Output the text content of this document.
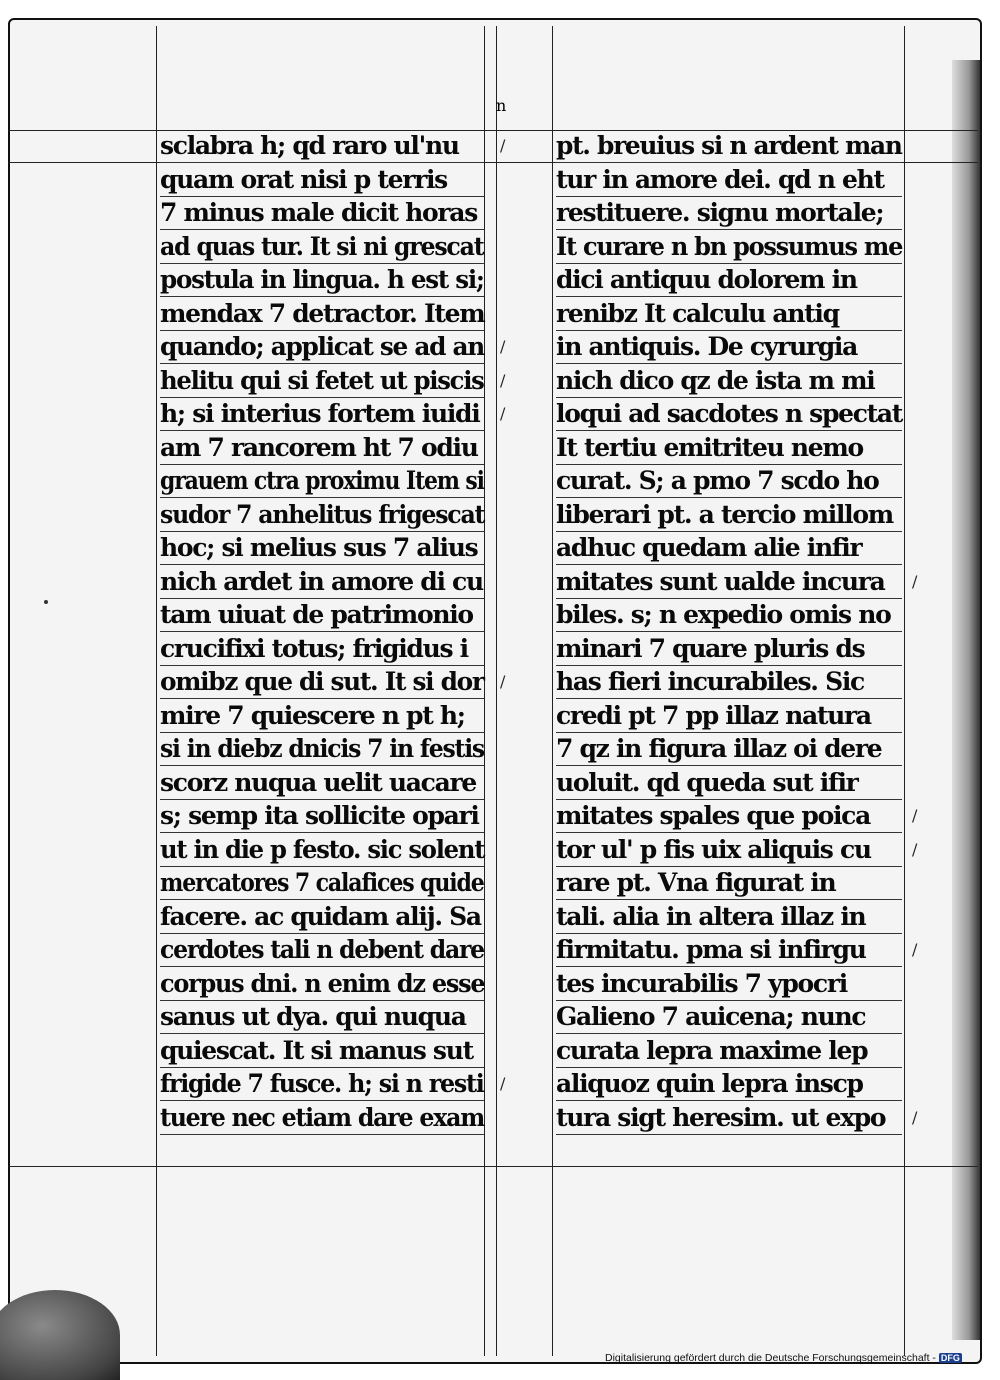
n
sclabra h; qd raro ul'nu
quam orat nisi p terris
7 minus male dicit horas
ad quas tur. It si ni grescat
postula in lingua. h est si;
mendax 7 detractor. Item
quando; applicat se ad an
helitu qui si fetet ut piscis
h; si interius fortem iuidi
am 7 rancorem ht 7 odiu
grauem ctra proximu Item si
sudor 7 anhelitus frigescat
hoc; si melius sus 7 alius
nich ardet in amore di cu
tam uiuat de patrimonio
crucifixi totus; frigidus i
omibz que di sut. It si dor
mire 7 quiescere n pt h;
si in diebz dnicis 7 in festis
scorz nuqua uelit uacare
s; semp ita sollicite opari
ut in die p festo. sic solent
mercatores 7 calafices quide
facere. ac quidam alij. Sa
cerdotes tali n debent dare
corpus dni. n enim dz esse
sanus ut dya. qui nuqua
quiescat. It si manus sut
frigide 7 fusce. h; si n resti
tuere nec etiam dare exam
pt. breuius si n ardent man
tur in amore dei. qd n eht
restituere. signu mortale;
It curare n bn possumus me
dici antiquu dolorem in
renibz It calculu antiq
in antiquis. De cyrurgia
nich dico qz de ista m mi
loqui ad sacdotes n spectat
It tertiu emitriteu nemo
curat. S; a pmo 7 scdo ho
liberari pt. a tercio millom
adhuc quedam alie infir
mitates sunt ualde incura
biles. s; n expedio omis no
minari 7 quare pluris ds
has fieri incurabiles. Sic
credi pt 7 pp illaz natura
7 qz in figura illaz oi dere
uoluit. qd queda sut ifir
mitates spales que poica
tor ul' p fis uix aliquis cu
rare pt. Vna figurat in
tali. alia in altera illaz in
firmitatu. pma si infirgu
tes incurabilis 7 ypocri
Galieno 7 auicena; nunc
curata lepra maxime lep
aliquoz quin lepra inscp
tura sigt heresim. ut expo
/
/
/
/
/
/
/
/
/
/
/
Digitalisierung gefördert durch die Deutsche Forschungsgemeinschaft - DFG
